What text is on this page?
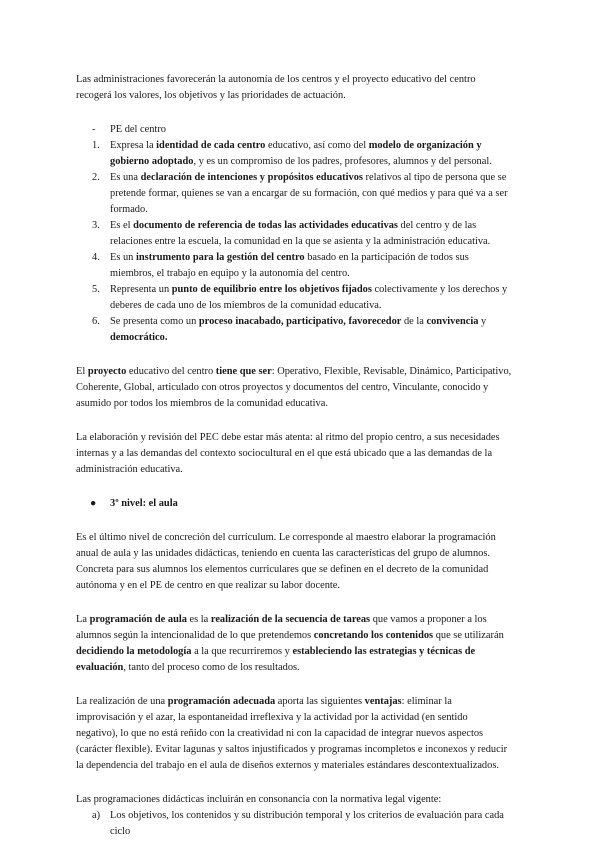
Las administraciones favorecerán la autonomía de los centros y el proyecto educativo del centro recogerá los valores, los objetivos y las prioridades de actuación.

- PE del centro
1. Expresa la identidad de cada centro educativo, así como del modelo de organización y gobierno adoptado, y es un compromiso de los padres, profesores, alumnos y del personal.
2. Es una declaración de intenciones y propósitos educativos relativos al tipo de persona que se pretende formar, quienes se van a encargar de su formación, con qué medios y para qué va a ser formado.
3. Es el documento de referencia de todas las actividades educativas del centro y de las relaciones entre la escuela, la comunidad en la que se asienta y la administración educativa.
4. Es un instrumento para la gestión del centro basado en la participación de todos sus miembros, el trabajo en equipo y la autonomía del centro.
5. Representa un punto de equilibrio entre los objetivos fijados colectivamente y los derechos y deberes de cada uno de los miembros de la comunidad educativa.
6. Se presenta como un proceso inacabado, participativo, favorecedor de la convivencia y democrático.

El proyecto educativo del centro tiene que ser: Operativo, Flexible, Revisable, Dinámico, Participativo, Coherente, Global, articulado con otros proyectos y documentos del centro, Vinculante, conocido y asumido por todos los miembros de la comunidad educativa.

La elaboración y revisión del PEC debe estar más atenta: al ritmo del propio centro, a sus necesidades internas y a las demandas del contexto sociocultural en el que está ubicado que a las demandas de la administración educativa.

● 3º nivel: el aula

Es el último nivel de concreción del currículum. Le corresponde al maestro elaborar la programación anual de aula y las unidades didácticas, teniendo en cuenta las características del grupo de alumnos. Concreta para sus alumnos los elementos curriculares que se definen en el decreto de la comunidad autónoma y en el PE de centro en que realizar su labor docente.

La programación de aula es la realización de la secuencia de tareas que vamos a proponer a los alumnos según la intencionalidad de lo que pretendemos concretando los contenidos que se utilizarán decidiendo la metodología a la que recurriremos y estableciendo las estrategias y técnicas de evaluación, tanto del proceso como de los resultados.

La realización de una programación adecuada aporta las siguientes ventajas: eliminar la improvisación y el azar, la espontaneidad irreflexiva y la actividad por la actividad (en sentido negativo), lo que no está reñido con la creatividad ni con la capacidad de integrar nuevos aspectos (carácter flexible). Evitar lagunas y saltos injustificados y programas incompletos e inconexos y reducir la dependencia del trabajo en el aula de diseños externos y materiales estándares descontextualizados.

Las programaciones didácticas incluirán en consonancia con la normativa legal vigente:

a) Los objetivos, los contenidos y su distribución temporal y los criterios de evaluación para cada ciclo
